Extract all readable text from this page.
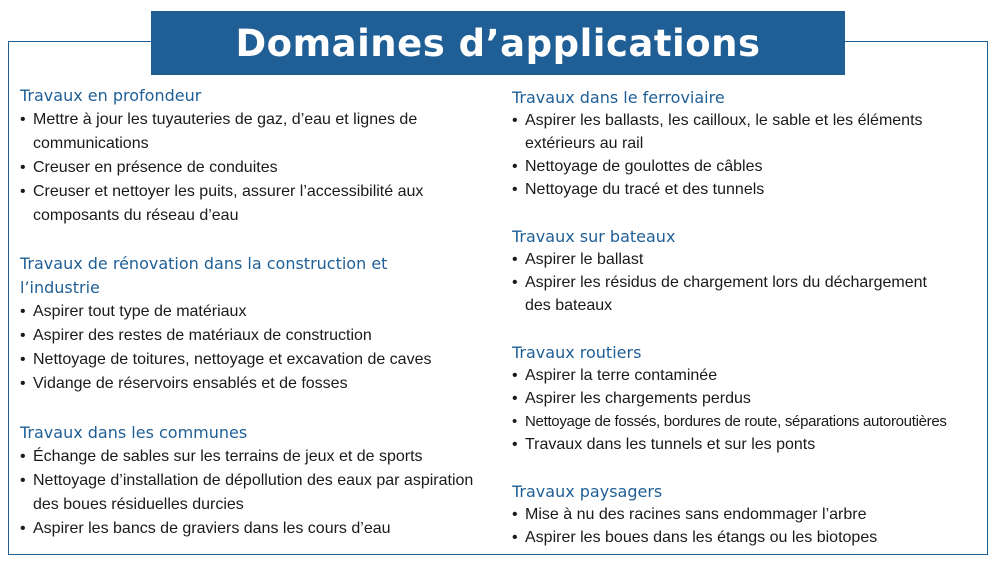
Domaines d’applications
Travaux en profondeur
• Mettre à jour les tuyauteries de gaz, d’eau et lignes de communications
• Creuser en présence de conduites
• Creuser et nettoyer les puits, assurer l’accessibilité aux composants du réseau d’eau
Travaux de rénovation dans la construction et l’industrie
• Aspirer tout type de matériaux
• Aspirer des restes de matériaux de construction
• Nettoyage de toitures, nettoyage et excavation de caves
• Vidange de réservoirs ensablés et de fosses
Travaux dans les communes
• Échange de sables sur les terrains de jeux et de sports
• Nettoyage d’installation de dépollution des eaux par aspiration des boues résiduelles durcies
• Aspirer les bancs de graviers dans les cours d’eau
Travaux dans le ferroviaire
• Aspirer les ballasts, les cailloux, le sable et les éléments extérieurs au rail
• Nettoyage de goulottes de câbles
• Nettoyage du tracé et des tunnels
Travaux sur bateaux
• Aspirer le ballast
• Aspirer les résidus de chargement lors du déchargement des bateaux
Travaux routiers
• Aspirer la terre contaminée
• Aspirer les chargements perdus
• Nettoyage de fossés, bordures de route, séparations autoroutières
• Travaux dans les tunnels et sur les ponts
Travaux paysagers
• Mise à nu des racines sans endommager l’arbre
• Aspirer les boues dans les étangs ou les biotopes
